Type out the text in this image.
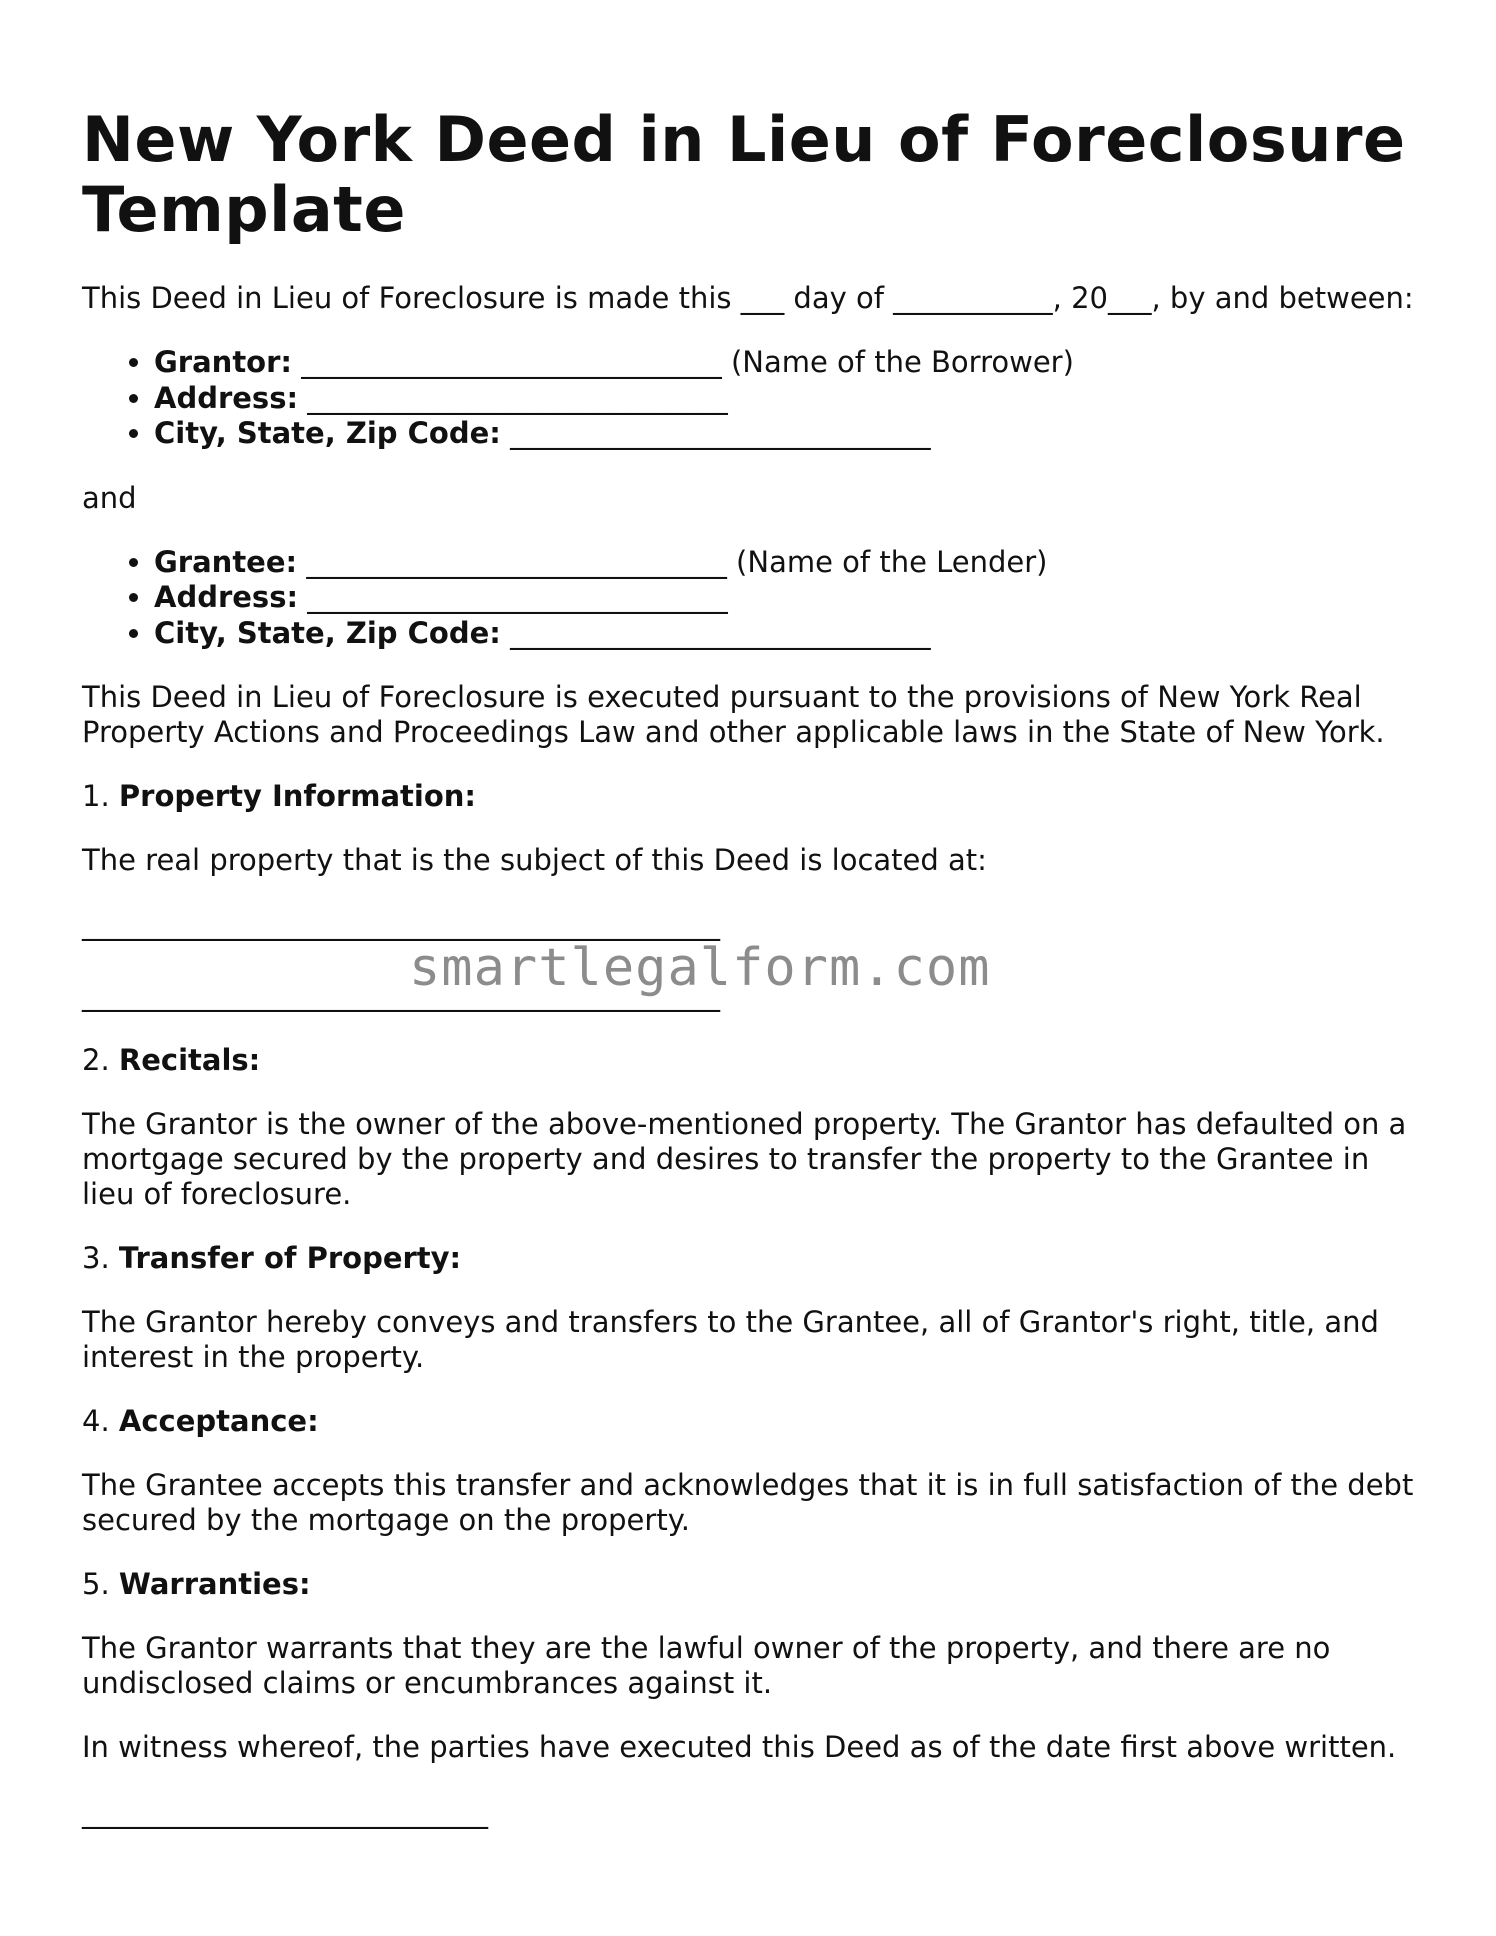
New York Deed in Lieu of Foreclosure Template

This Deed in Lieu of Foreclosure is made this ___ day of ___________, 20___, by and between:

• Grantor: _____________________________ (Name of the Borrower)
• Address: _____________________________
• City, State, Zip Code: _____________________________

and

• Grantee: _____________________________ (Name of the Lender)
• Address: _____________________________
• City, State, Zip Code: _____________________________

This Deed in Lieu of Foreclosure is executed pursuant to the provisions of New York Real Property Actions and Proceedings Law and other applicable laws in the State of New York.

1. Property Information:

The real property that is the subject of this Deed is located at:

____________________________________________
____________________________________________

2. Recitals:

The Grantor is the owner of the above-mentioned property. The Grantor has defaulted on a mortgage secured by the property and desires to transfer the property to the Grantee in lieu of foreclosure.

3. Transfer of Property:

The Grantor hereby conveys and transfers to the Grantee, all of Grantor's right, title, and interest in the property.

4. Acceptance:

The Grantee accepts this transfer and acknowledges that it is in full satisfaction of the debt secured by the mortgage on the property.

5. Warranties:

The Grantor warrants that they are the lawful owner of the property, and there are no undisclosed claims or encumbrances against it.

In witness whereof, the parties have executed this Deed as of the date first above written.

____________________________
smartlegalform.com
